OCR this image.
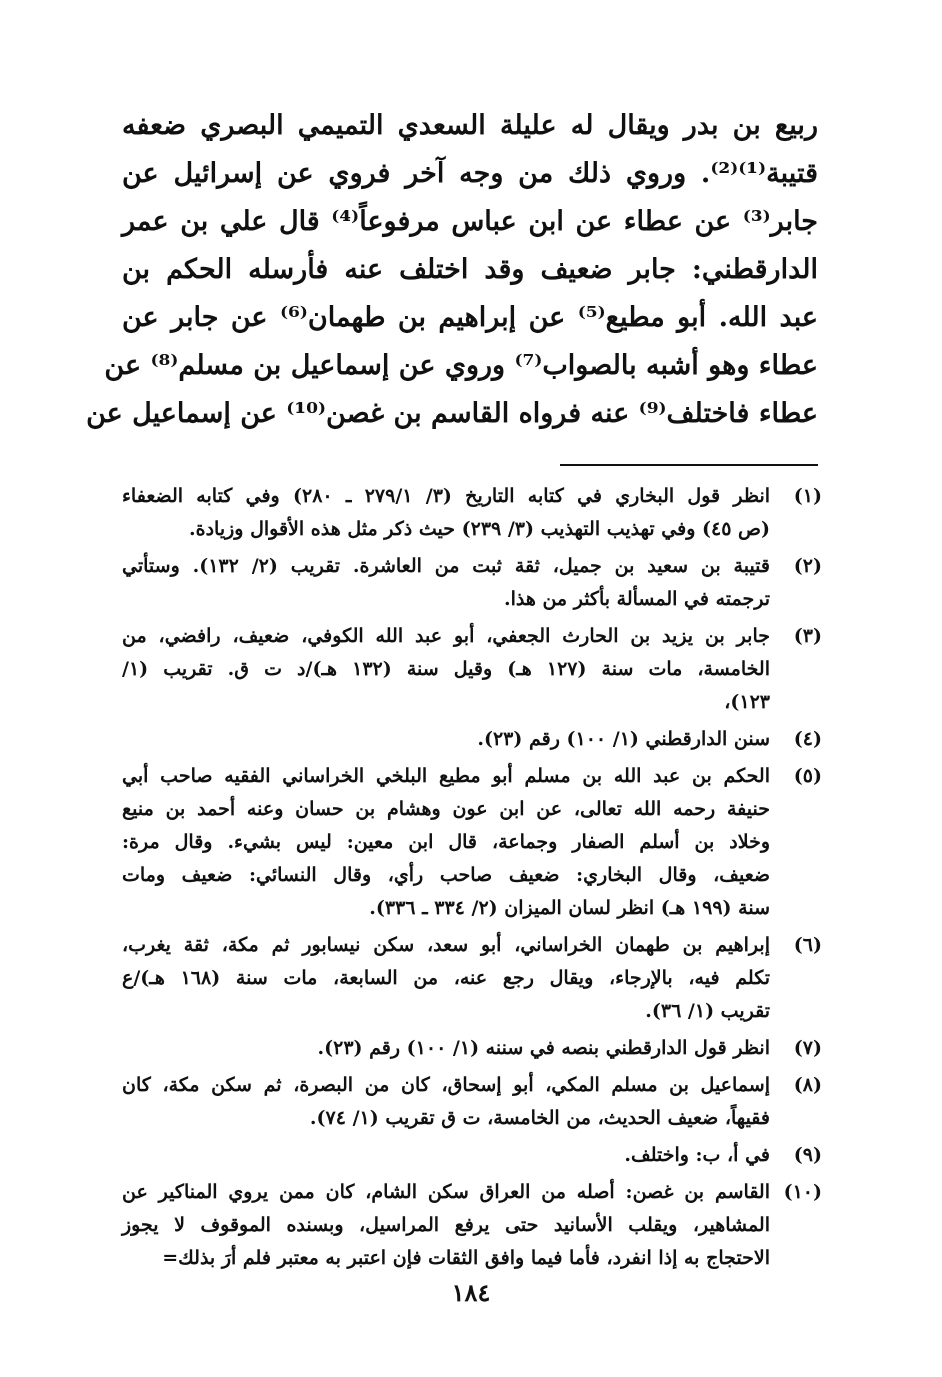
ربيع بن بدر ويقال له عليلة السعدي التميمي البصري ضعفه
قتيبة⁽¹⁾⁽²⁾. وروي ذلك من وجه آخر فروي عن إسرائيل عن
جابر⁽³⁾ عن عطاء عن ابن عباس مرفوعاً⁽⁴⁾ قال علي بن عمر
الدارقطني: جابر ضعيف وقد اختلف عنه فأرسله الحكم بن
عبد الله. أبو مطيع⁽⁵⁾ عن إبراهيم بن طهمان⁽⁶⁾ عن جابر عن
عطاء وهو أشبه بالصواب⁽⁷⁾ وروي عن إسماعيل بن مسلم⁽⁸⁾ عن
عطاء فاختلف⁽⁹⁾ عنه فرواه القاسم بن غصن⁽¹⁰⁾ عن إسماعيل عن
(١)
انظر قول البخاري في كتابه التاريخ (٣/ ٢٧٩/١ ـ ٢٨٠) وفي كتابه الضعفاء
(ص ٤٥) وفي تهذيب التهذيب (٣/ ٢٣٩) حيث ذكر مثل هذه الأقوال وزيادة.
(٢)
قتيبة بن سعيد بن جميل، ثقة ثبت من العاشرة. تقريب (٢/ ١٣٢). وستأتي
ترجمته في المسألة بأكثر من هذا.
(٣)
جابر بن يزيد بن الحارث الجعفي، أبو عبد الله الكوفي، ضعيف، رافضي، من
الخامسة، مات سنة (١٢٧ هـ) وقيل سنة (١٣٢ هـ)/د ت ق. تقريب (١/
١٢٣)،
(٤)
سنن الدارقطني (١/ ١٠٠) رقم (٢٣).
(٥)
الحكم بن عبد الله بن مسلم أبو مطيع البلخي الخراساني الفقيه صاحب أبي
حنيفة رحمه الله تعالى، عن ابن عون وهشام بن حسان وعنه أحمد بن منيع
وخلاد بن أسلم الصفار وجماعة، قال ابن معين: ليس بشيء. وقال مرة:
ضعيف، وقال البخاري: ضعيف صاحب رأي، وقال النسائي: ضعيف ومات
سنة (١٩٩ هـ) انظر لسان الميزان (٢/ ٣٣٤ ـ ٣٣٦).
(٦)
إبراهيم بن طهمان الخراساني، أبو سعد، سكن نيسابور ثم مكة، ثقة يغرب،
تكلم فيه، بالإرجاء، ويقال رجع عنه، من السابعة، مات سنة (١٦٨ هـ)/ع
تقريب (١/ ٣٦).
(٧)
انظر قول الدارقطني بنصه في سننه (١/ ١٠٠) رقم (٢٣).
(٨)
إسماعيل بن مسلم المكي، أبو إسحاق، كان من البصرة، ثم سكن مكة، كان
فقيهاً، ضعيف الحديث، من الخامسة، ت ق تقريب (١/ ٧٤).
(٩)
في أ، ب: واختلف.
(١٠)
القاسم بن غصن: أصله من العراق سكن الشام، كان ممن يروي المناكير عن
المشاهير، ويقلب الأسانيد حتى يرفع المراسيل، وبسنده الموقوف لا يجوز
الاحتجاج به إذا انفرد، فأما فيما وافق الثقات فإن اعتبر به معتبر فلم أرَ بذلك=
١٨٤
